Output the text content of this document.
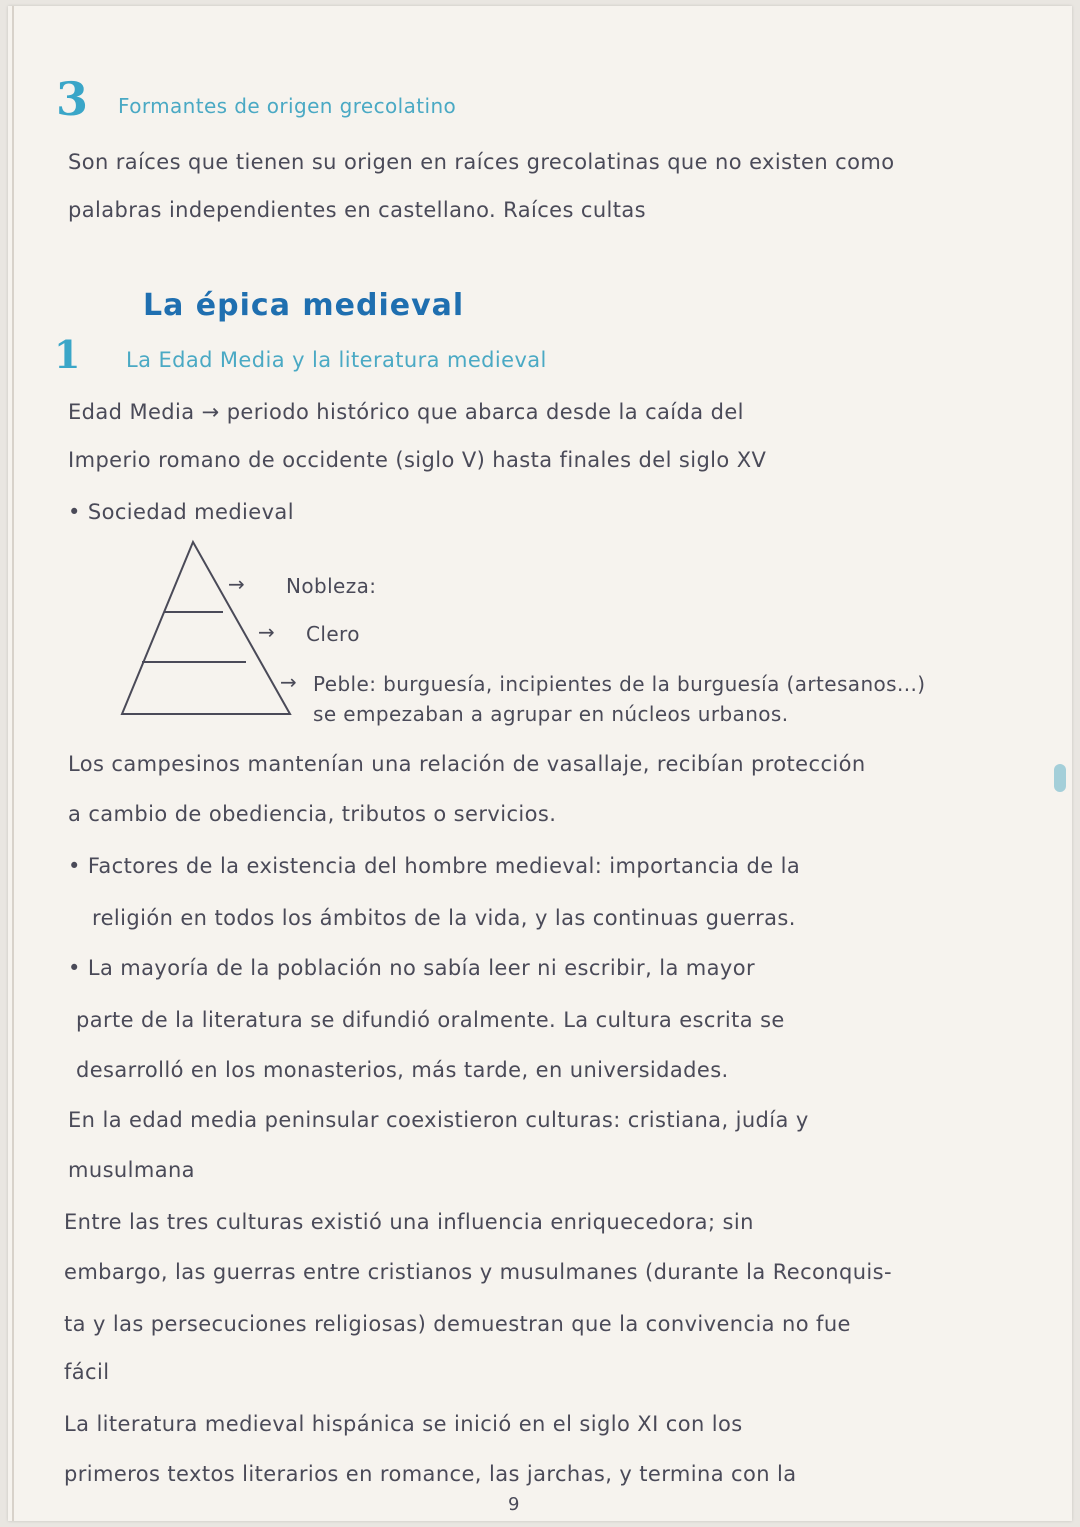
3 Formantes de origen grecolatino
Son raíces que tienen su origen en raíces grecolatinas que no existen como
palabras independientes en castellano. Raíces cultas
La épica medieval
1 La Edad Media y la literatura medieval
Edad Media → periodo histórico que abarca desde la caída del
Imperio romano de occidente (siglo V) hasta finales del siglo XV
• Sociedad medieval
→ Nobleza:
→ Clero
→ Peble: burguesía, incipientes de la burguesía (artesanos...)
se empezaban a agrupar en núcleos urbanos.
Los campesinos mantenían una relación de vasallaje, recibían protección
a cambio de obediencia, tributos o servicios.
• Factores de la existencia del hombre medieval: importancia de la
religión en todos los ámbitos de la vida, y las continuas guerras.
• La mayoría de la población no sabía leer ni escribir, la mayor
parte de la literatura se difundió oralmente. La cultura escrita se
desarrolló en los monasterios, más tarde, en universidades.
En la edad media peninsular coexistieron culturas: cristiana, judía y
musulmana
Entre las tres culturas existió una influencia enriquecedora; sin
embargo, las guerras entre cristianos y musulmanes (durante la Reconquis-
ta y las persecuciones religiosas) demuestran que la convivencia no fue
fácil
La literatura medieval hispánica se inició en el siglo XI con los
primeros textos literarios en romance, las jarchas, y termina con la
9
